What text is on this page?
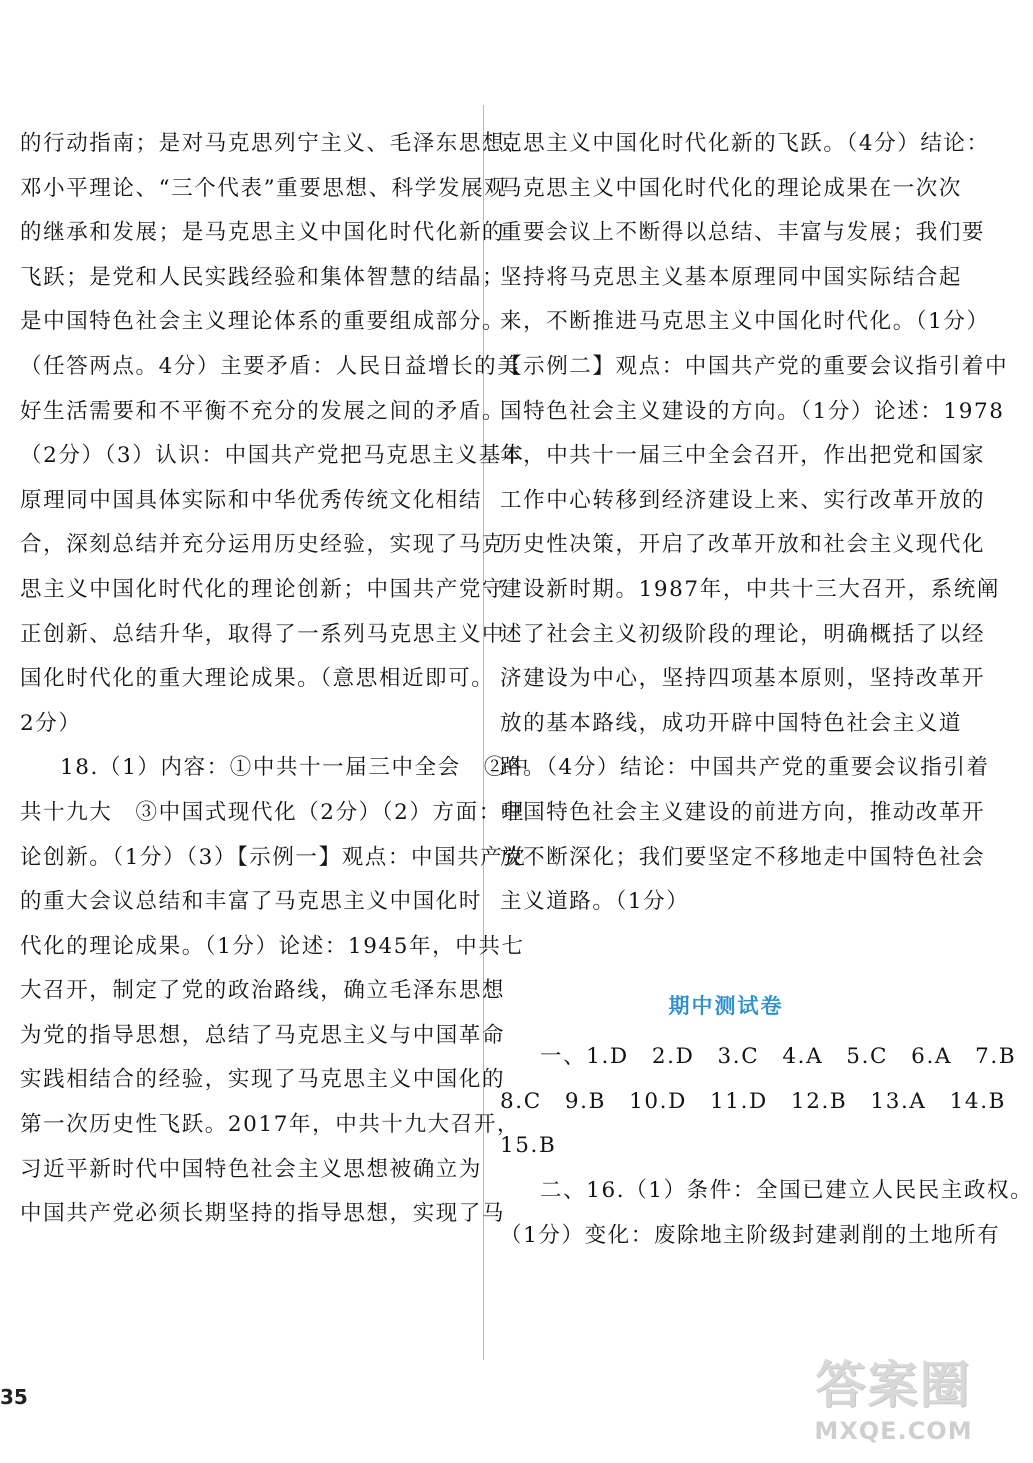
的行动指南；是对马克思列宁主义、毛泽东思想、
邓小平理论、“三个代表”重要思想、科学发展观
的继承和发展；是马克思主义中国化时代化新的
飞跃；是党和人民实践经验和集体智慧的结晶；
是中国特色社会主义理论体系的重要组成部分。
（任答两点。4分）主要矛盾：人民日益增长的美
好生活需要和不平衡不充分的发展之间的矛盾。
（2分）（3）认识：中国共产党把马克思主义基本
原理同中国具体实际和中华优秀传统文化相结
合，深刻总结并充分运用历史经验，实现了马克
思主义中国化时代化的理论创新；中国共产党守
正创新、总结升华，取得了一系列马克思主义中
国化时代化的重大理论成果。（意思相近即可。
2分）
18.（1）内容：①中共十一届三中全会　②中
共十九大　③中国式现代化（2分）（2）方面：理
论创新。（1分）（3）【示例一】观点：中国共产党
的重大会议总结和丰富了马克思主义中国化时
代化的理论成果。（1分）论述：1945年，中共七
大召开，制定了党的政治路线，确立毛泽东思想
为党的指导思想，总结了马克思主义与中国革命
实践相结合的经验，实现了马克思主义中国化的
第一次历史性飞跃。2017年，中共十九大召开，
习近平新时代中国特色社会主义思想被确立为
中国共产党必须长期坚持的指导思想，实现了马
克思主义中国化时代化新的飞跃。（4分）结论：
马克思主义中国化时代化的理论成果在一次次
重要会议上不断得以总结、丰富与发展；我们要
坚持将马克思主义基本原理同中国实际结合起
来，不断推进马克思主义中国化时代化。（1分）
【示例二】观点：中国共产党的重要会议指引着中
国特色社会主义建设的方向。（1分）论述：1978
年，中共十一届三中全会召开，作出把党和国家
工作中心转移到经济建设上来、实行改革开放的
历史性决策，开启了改革开放和社会主义现代化
建设新时期。1987年，中共十三大召开，系统阐
述了社会主义初级阶段的理论，明确概括了以经
济建设为中心，坚持四项基本原则，坚持改革开
放的基本路线，成功开辟中国特色社会主义道
路。（4分）结论：中国共产党的重要会议指引着
中国特色社会主义建设的前进方向，推动改革开
放不断深化；我们要坚定不移地走中国特色社会
主义道路。（1分）
期中测试卷
一、1.D　2.D　3.C　4.A　5.C　6.A　7.B
8.C　9.B　10.D　11.D　12.B　13.A　14.B
15.B
二、16.（1）条件：全国已建立人民民主政权。
（1分）变化：废除地主阶级封建剥削的土地所有
35	答案圈
MXQE.COM
